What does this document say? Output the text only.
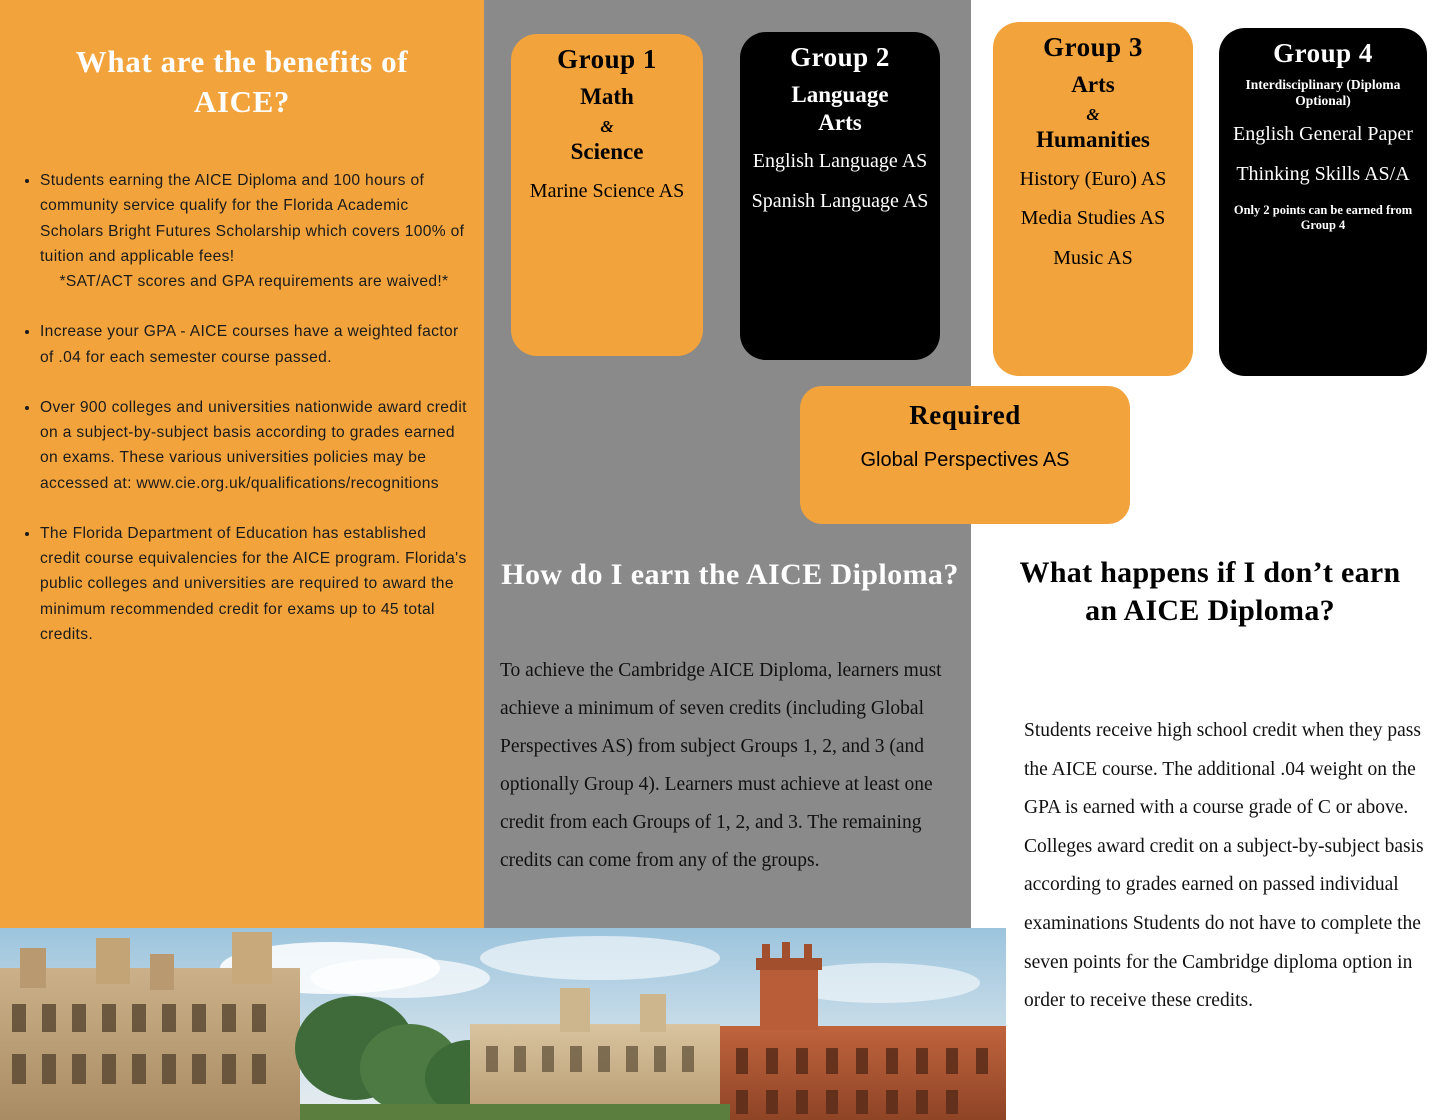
What are the benefits of AICE?
• Students earning the AICE Diploma and 100 hours of community service qualify for the Florida Academic Scholars Bright Futures Scholarship which covers 100% of tuition and applicable fees!
*SAT/ACT scores and GPA requirements are waived!*
• Increase your GPA - AICE courses have a weighted factor of .04 for each semester course passed.
• Over 900 colleges and universities nationwide award credit on a subject-by-subject basis according to grades earned on exams. These various universities policies may be accessed at: www.cie.org.uk/qualifications/recognitions
• The Florida Department of Education has established credit course equivalencies for the AICE program. Florida's public colleges and universities are required to award the minimum recommended credit for exams up to 45 total credits.
Group 1
Math
&
Science
Marine Science AS
Group 2
Language
Arts
English Language AS
Spanish Language AS
Group 3
Arts
&
Humanities
History (Euro) AS
Media Studies AS
Music AS
Group 4
Interdisciplinary (Diploma Optional)
English General Paper
Thinking Skills AS/A
Only 2 points can be earned from Group 4
Required
Global Perspectives AS
How do I earn the AICE Diploma?
To achieve the Cambridge AICE Diploma, learners must achieve a minimum of seven credits (including Global Perspectives AS) from subject Groups 1, 2, and 3 (and optionally Group 4). Learners must achieve at least one credit from each Groups of 1, 2, and 3. The remaining credits can come from any of the groups.
What happens if I don’t earn an AICE Diploma?
Students receive high school credit when they pass the AICE course. The additional .04 weight on the GPA is earned with a course grade of C or above. Colleges award credit on a subject-by-subject basis according to grades earned on passed individual examinations Students do not have to complete the seven points for the Cambridge diploma option in order to receive these credits.
